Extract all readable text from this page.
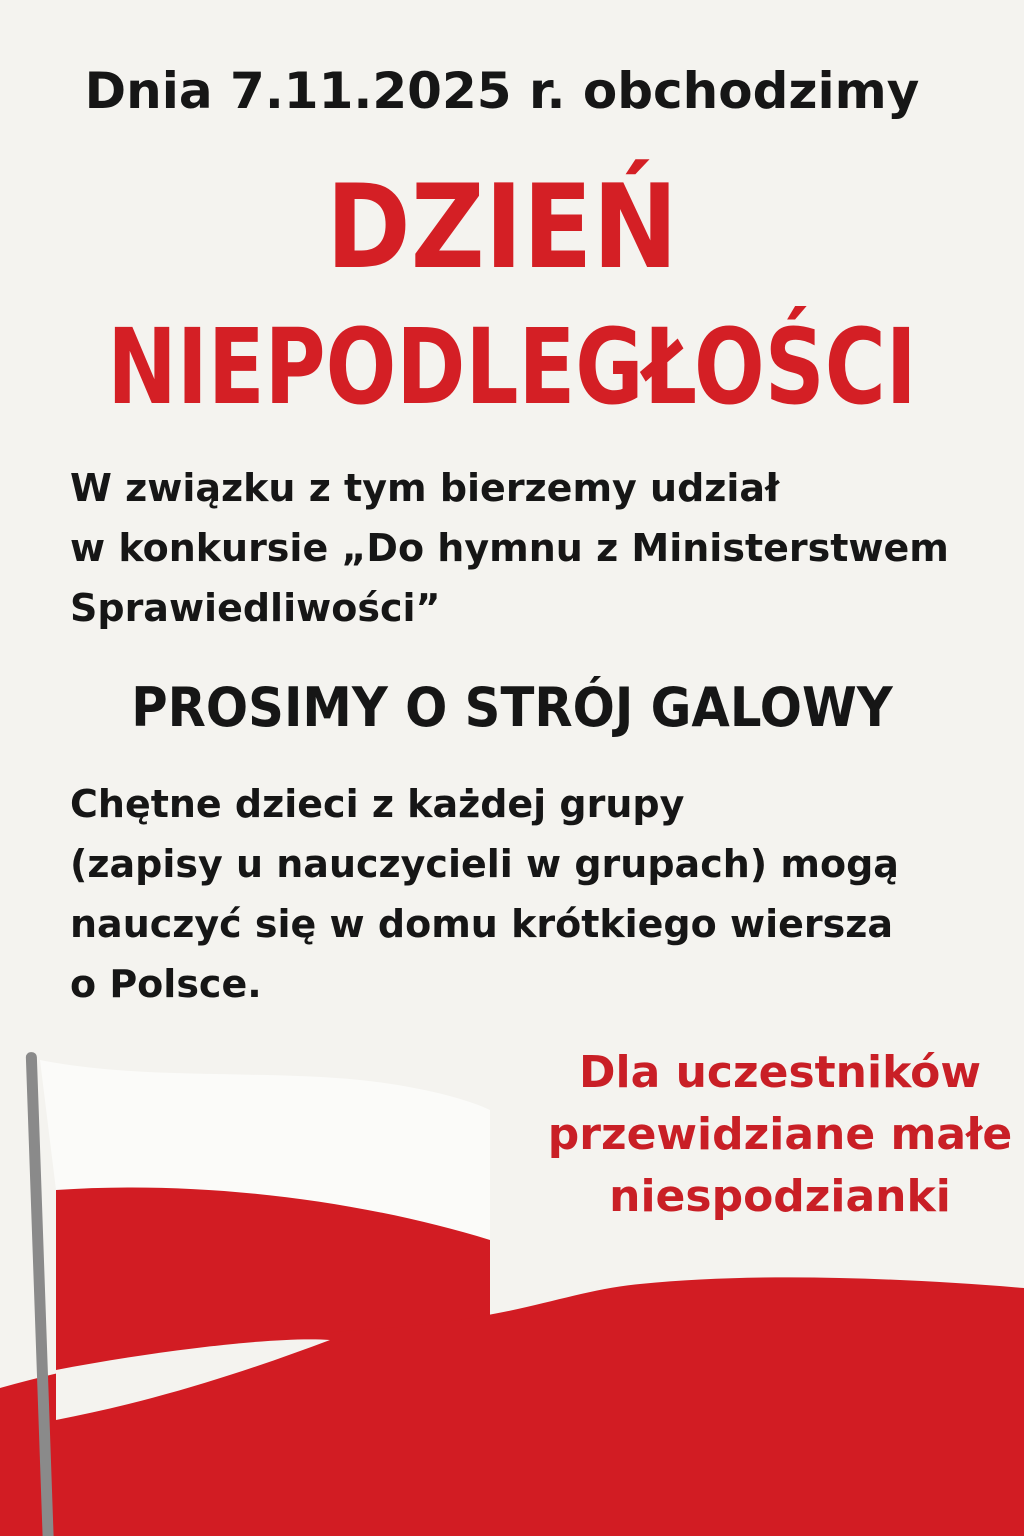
Dnia 7.11.2025 r. obchodzimy

DZIEŃ
NIEPODLEGŁOŚCI

W związku z tym bierzemy udział
w konkursie „Do hymnu z Ministerstwem
Sprawiedliwości”

PROSIMY O STRÓJ GALOWY

Chętne dzieci z każdej grupy
(zapisy u nauczycieli w grupach) mogą
nauczyć się w domu krótkiego wiersza
o Polsce.

Dla uczestników
przewidziane małe
niespodzianki
